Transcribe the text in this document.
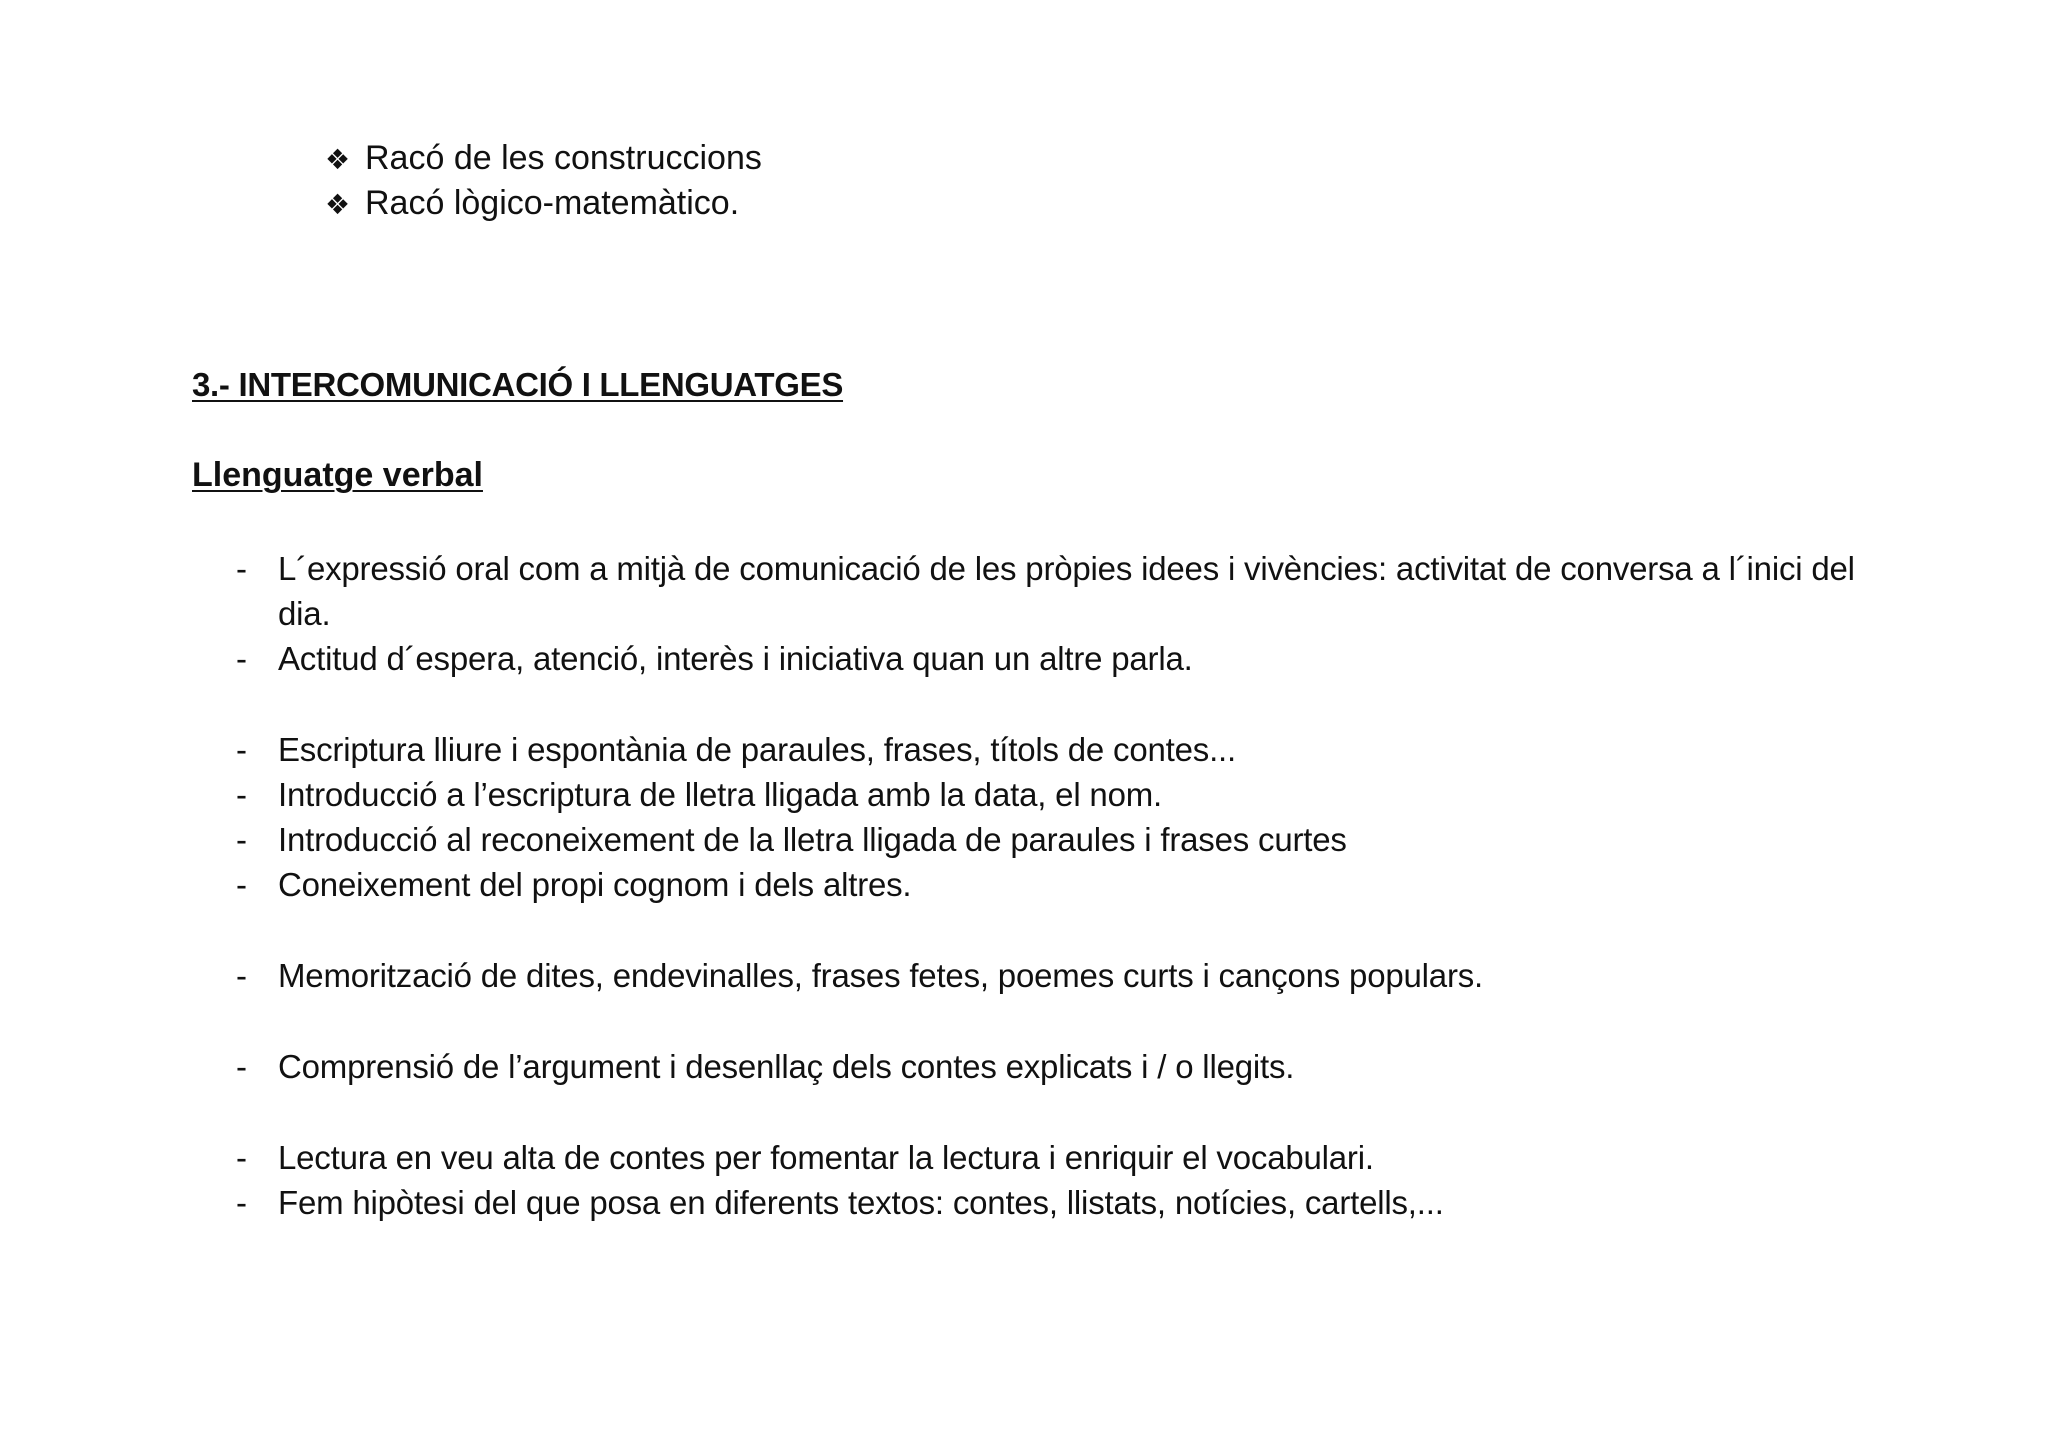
❖ Racó de les construccions
❖ Racó lògico-matemàtico.
3.- INTERCOMUNICACIÓ I LLENGUATGES
Llenguatge verbal
- L´expressió oral com a mitjà de comunicació de les pròpies idees i vivències: activitat de conversa a l´inici del dia.
- Actitud d´espera, atenció, interès i iniciativa quan un altre parla.
- Escriptura lliure i espontània de paraules, frases, títols de contes...
- Introducció a l’escriptura de lletra lligada amb la data, el nom.
- Introducció al reconeixement de la lletra lligada de paraules i frases curtes
- Coneixement del propi cognom i dels altres.
- Memorització de dites, endevinalles, frases fetes, poemes curts i cançons populars.
- Comprensió de l’argument i desenllaç dels contes explicats i / o llegits.
- Lectura en veu alta de contes per fomentar la lectura i enriquir el vocabulari.
- Fem hipòtesi del que posa en diferents textos: contes, llistats, notícies, cartells,...
